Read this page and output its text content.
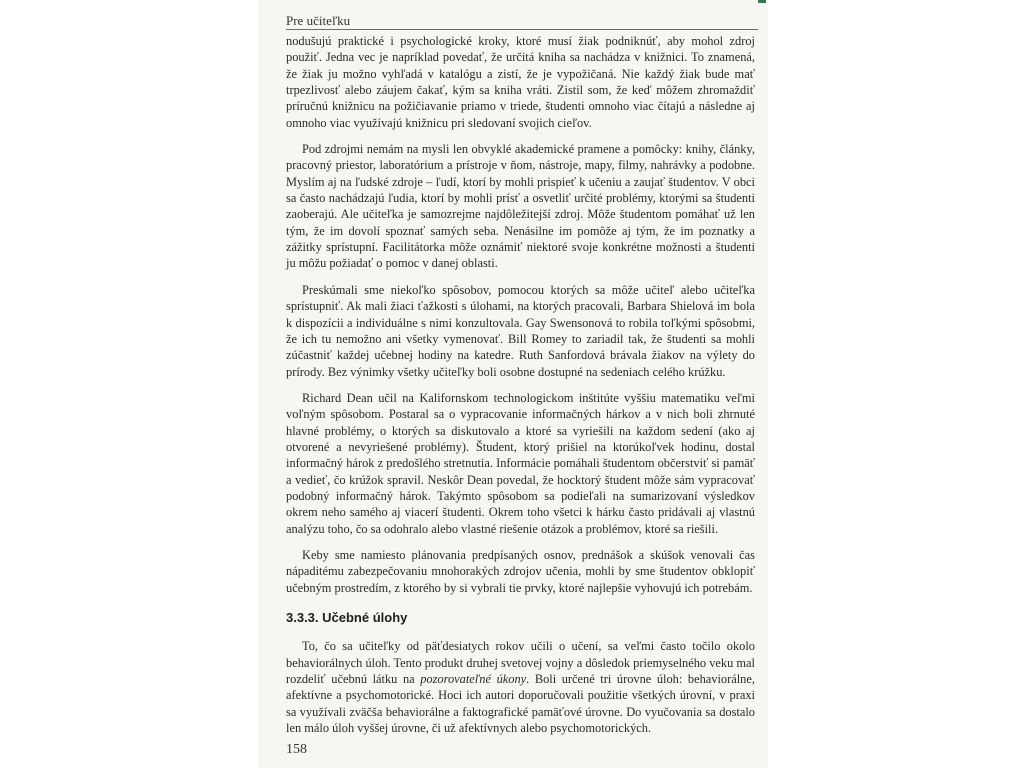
Pre učiteľku

nodušujú praktické i psychologické kroky, ktoré musí žiak podniknúť, aby mohol zdroj použiť. Jedna vec je napríklad povedať, že určitá kniha sa nachádza v knižnici. To znamená, že žiak ju možno vyhľadá v katalógu a zistí, že je vypožičaná. Nie každý žiak bude mať trpezlivosť alebo záujem čakať, kým sa kniha vráti. Zistil som, že keď môžem zhromaždiť príručnú knižnicu na požičiavanie priamo v triede, študenti omnoho viac čítajú a následne aj omnoho viac využívajú knižnicu pri sledovaní svojich cieľov.

Pod zdrojmi nemám na mysli len obvyklé akademické pramene a pomôcky: knihy, články, pracovný priestor, laboratórium a prístroje v ňom, nástroje, mapy, filmy, nahrávky a podobne. Myslím aj na ľudské zdroje – ľudí, ktorí by mohli prispieť k učeniu a zaujať študentov. V obci sa často nachádzajú ľudia, ktorí by mohli prísť a osvetliť určité problémy, ktorými sa študenti zaoberajú. Ale učiteľka je samozrejme najdôležitejší zdroj. Môže študentom pomáhať už len tým, že im dovolí spoznať samých seba. Nenásilne im pomôže aj tým, že im poznatky a zážitky sprístupní. Facilitátorka môže oznámiť niektoré svoje konkrétne možnosti a študenti ju môžu požiadať o pomoc v danej oblasti.

Preskúmali sme niekoľko spôsobov, pomocou ktorých sa môže učiteľ alebo učiteľka sprístupniť. Ak mali žiaci ťažkosti s úlohami, na ktorých pracovali, Barbara Shielová im bola k dispozícii a individuálne s nimi konzultovala. Gay Swensonová to robila toľkými spôsobmi, že ich tu nemožno ani všetky vymenovať. Bill Romey to zariadil tak, že študenti sa mohli zúčastniť každej učebnej hodiny na katedre. Ruth Sanfordová brávala žiakov na výlety do prírody. Bez výnimky všetky učiteľky boli osobne dostupné na sedeniach celého krúžku.

Richard Dean učil na Kalifornskom technologickom inštitúte vyššiu matematiku veľmi voľným spôsobom. Postaral sa o vypracovanie informačných hárkov a v nich boli zhrnuté hlavné problémy, o ktorých sa diskutovalo a ktoré sa vyriešili na každom sedení (ako aj otvorené a nevyriešené problémy). Študent, ktorý prišiel na ktorúkoľvek hodinu, dostal informačný hárok z predošlého stretnutia. Informácie pomáhali študentom občerstviť si pamäť a vedieť, čo krúžok spravil. Neskôr Dean povedal, že hocktorý študent môže sám vypracovať podobný informačný hárok. Takýmto spôsobom sa podieľali na sumarizovaní výsledkov okrem neho samého aj viacerí študenti. Okrem toho všetci k hárku často pridávali aj vlastnú analýzu toho, čo sa odohralo alebo vlastné riešenie otázok a problémov, ktoré sa riešili.

Keby sme namiesto plánovania predpísaných osnov, prednášok a skúšok venovali čas nápaditému zabezpečovaniu mnohorakých zdrojov učenia, mohli by sme študentov obklopiť učebným prostredím, z ktorého by si vybrali tie prvky, ktoré najlepšie vyhovujú ich potrebám.

3.3.3. Učebné úlohy

To, čo sa učiteľky od päťdesiatych rokov učili o učení, sa veľmi často točilo okolo behaviorálnych úloh. Tento produkt druhej svetovej vojny a dôsledok priemyselného veku mal rozdeliť učebnú látku na pozorovateľné úkony. Boli určené tri úrovne úloh: behaviorálne, afektívne a psychomotorické. Hoci ich autori doporučovali použitie všetkých úrovní, v praxi sa využívali zväčša behaviorálne a faktografické pamäťové úrovne. Do vyučovania sa dostalo len málo úloh vyššej úrovne, či už afektívnych alebo psychomotorických.

158
